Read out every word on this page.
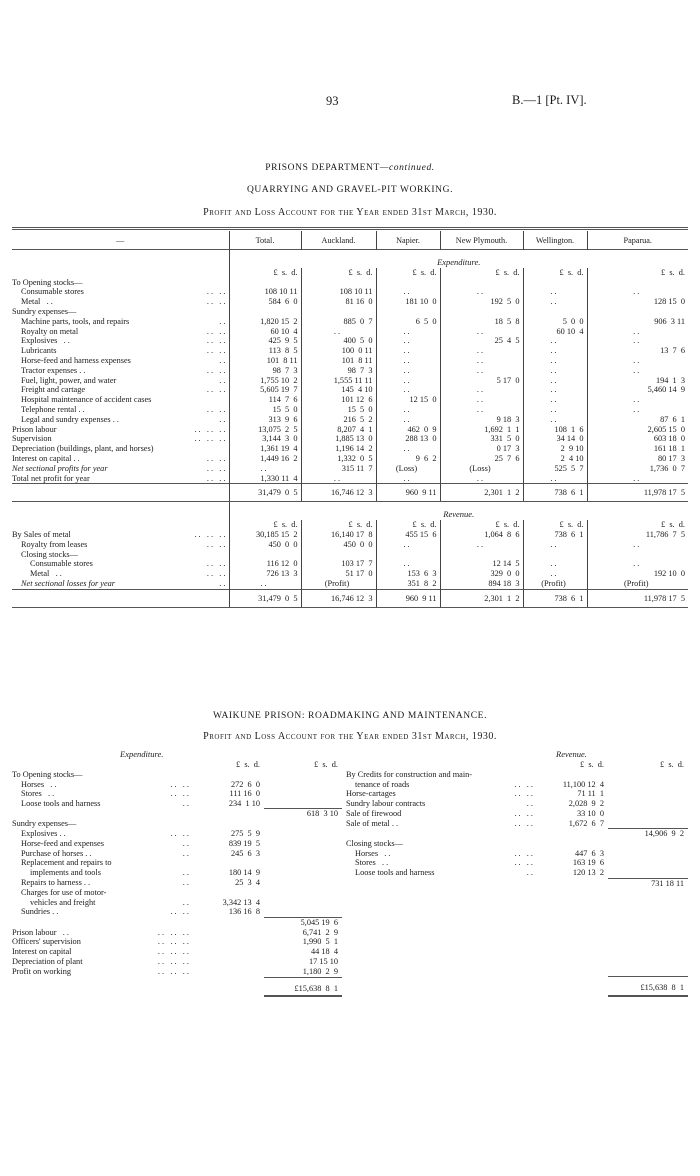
93	B.—1 [Pt. IV].
PRISONS DEPARTMENT—continued.
QUARRYING AND GRAVEL-PIT WORKING.
Profit and Loss Account for the Year ended 31st March, 1930.
—	Total.	Auckland.	Napier.	New Plymouth.	Wellington.	Paparua.
	Expenditure.					
	£  s.  d.	£  s.  d.	£  s.  d.	£  s.  d.	£  s.  d.	£  s.  d.
To Opening stocks—						
Consumable stores . .   . .	108 10 11	108 10 11	. .	. .	. .	. .
Metal   . . . .   . .	584  6  0	81 16  0	181 10  0	192  5  0	. .	128 15  0
Sundry expenses—						
Machine parts, tools, and repairs . .	1,820 15  2	885  0  7	6  5  0	18  5  8	5  0  0	906  3 11
Royalty on metal . .   . .	60 10  4	. .	. .	. .	60 10  4	. .
Explosives   . . . .   . .	425  9  5	400  5  0	. .	25  4  5	. .	. .
Lubricants . .   . .	113  8  5	100  0 11	. .	. .	. .	13  7  6
Horse-feed and harness expenses . .	101  8 11	101  8 11	. .	. .	. .	. .
Tractor expenses . . . .   . .	98  7  3	98  7  3	. .	. .	. .	. .
Fuel, light, power, and water . .	1,755 10  2	1,555 11 11	. .	5 17  0	. .	194  1  3
Freight and cartage . .   . .	5,605 19  7	145  4 10	. .	. .	. .	5,460 14  9
Hospital maintenance of accident cases	114  7  6	101 12  6	12 15  0	. .	. .	. .
Telephone rental . . . .   . .	15  5  0	15  5  0	. .	. .	. .	. .
Legal and sundry expenses . . . .	313  9  6	216  5  2	. .	9 18  3	. .	87  6  1
Prison labour . .   . .   . .	13,075  2  5	8,207  4  1	462  0  9	1,692  1  1	108  1  6	2,605 15  0
Supervision . .   . .   . .	3,144  3  0	1,885 13  0	288 13  0	331  5  0	34 14  0	603 18  0
Depreciation (buildings, plant, and horses)	1,361 19  4	1,196 14  2	. .	0 17  3	2  9 10	161 18  1
Interest on capital . . . .   . .	1,449 16  2	1,332  0  5	9  6  2	25  7  6	2  4 10	80 17  3
Net sectional profits for year . .   . .	. .	315 11  7	(Loss)	(Loss)	525  5  7	1,736  0  7
Total net profit for year . .   . .	1,330 11  4	. .	. .	. .	. .	. .
	31,479  0  5	16,746 12  3	960  9 11	2,301  1  2	738  6  1	11,978 17  5
	Revenue.					
	£  s.  d.	£  s.  d.	£  s.  d.	£  s.  d.	£  s.  d.	£  s.  d.
By Sales of metal . .   . .   . .	30,185 15  2	16,140 17  8	455 15  6	1,064  8  6	738  6  1	11,786  7  5
Royalty from leases . .   . .	450  0  0	450  0  0	. .	. .	. .	. .
Closing stocks—						
Consumable stores . .   . .	116 12  0	103 17  7	. .	12 14  5	. .	. .
Metal   . . . .   . .	726 13  3	51 17  0	153  6  3	329  0  0	. .	192 10  0
Net sectional losses for year . .	. .	(Profit)	351  8  2	894 18  3	(Profit)	(Profit)
	31,479  0  5	16,746 12  3	960  9 11	2,301  1  2	738  6  1	11,978 17  5
WAIKUNE PRISON: ROADMAKING AND MAINTENANCE.
Profit and Loss Account for the Year ended 31st March, 1930.
Expenditure.	Revenue.
	£  s.  d.	£  s.  d.
To Opening stocks—		
Horses   . . . .   . .	272  6  0	
Stores   . . . .   . .	111 16  0	
Loose tools and harness . .	234  1 10	
		618  3 10
Sundry expenses—		
Explosives . . . .   . .	275  5  9	
Horse-feed and expenses . .	839 19  5	
Purchase of horses . . . .	245  6  3	
Replacement and repairs to		
implements and tools . .	180 14  9	
Repairs to harness . . . .	25  3  4	
Charges for use of motor-		
vehicles and freight . .	3,342 13  4	
Sundries . . . .   . .	136 16  8	
		5,045 19  6
Prison labour   . . . .   . .   . .		6,741  2  9
Officers' supervision . .   . .   . .		1,990  5  1
Interest on capital . .   . .   . .		44 18  4
Depreciation of plant . .   . .   . .		17 15 10
Profit on working . .   . .   . .		1,180  2  9
		£15,638  8  1
	£  s.  d.	£  s.  d.
By Credits for construction and main-		
tenance of roads . .   . .	11,100 12  4	
Horse-cartages . .   . .	71 11  1	
Sundry labour contracts . .	2,028  9  2	
Sale of firewood . .   . .	33 10  0	
Sale of metal . . . .   . .	1,672  6  7	
		14,906  9  2
Closing stocks—		
Horses   . . . .   . .	447  6  3	
Stores   . . . .   . .	163 19  6	
Loose tools and harness . .	120 13  2	
		731 18 11

		£15,638  8  1
